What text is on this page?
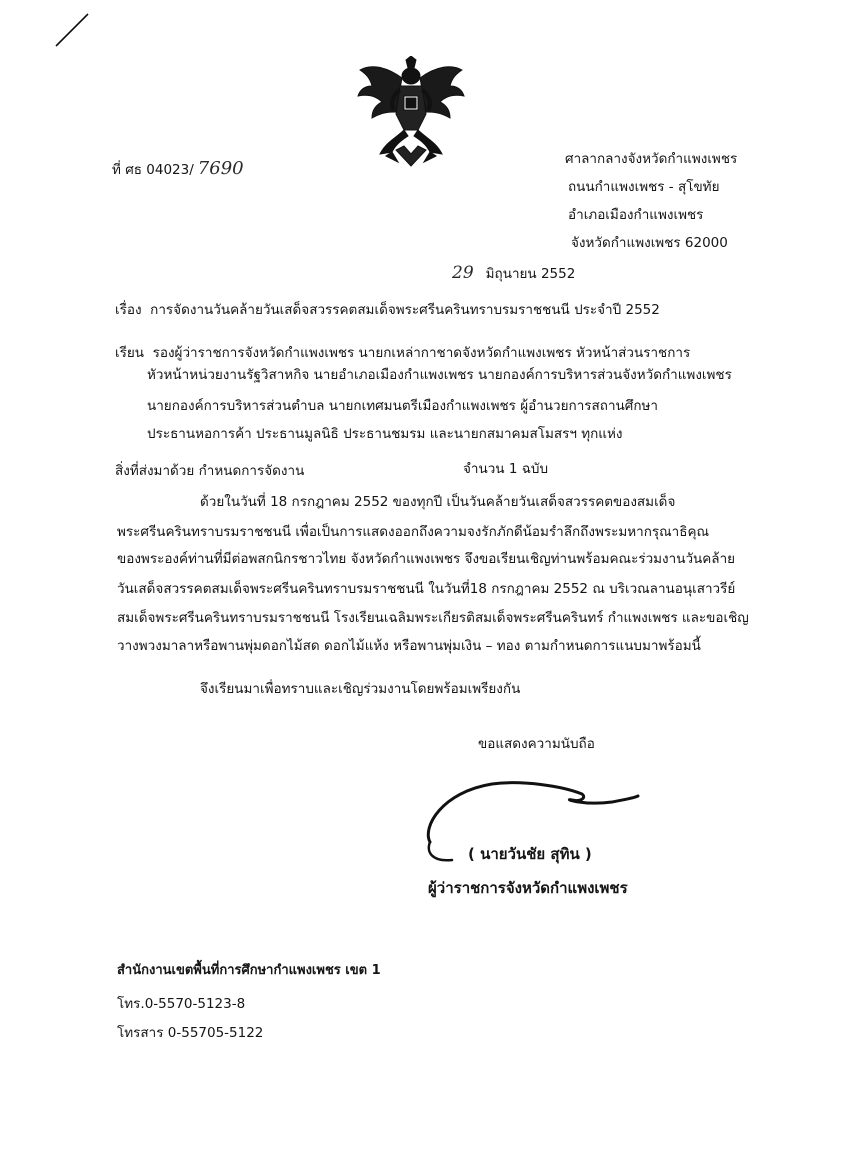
ที่ ศธ 04023/ 7690	ศาลากลางจังหวัดกำแพงเพชร
ถนนกำแพงเพชร - สุโขทัย
อำเภอเมืองกำแพงเพชร
จังหวัดกำแพงเพชร 62000
29 มิถุนายน 2552
เรื่อง การจัดงานวันคล้ายวันเสด็จสวรรคตสมเด็จพระศรีนครินทราบรมราชชนนี ประจำปี 2552
เรียน รองผู้ว่าราชการจังหวัดกำแพงเพชร นายกเหล่ากาชาดจังหวัดกำแพงเพชร หัวหน้าส่วนราชการ
หัวหน้าหน่วยงานรัฐวิสาหกิจ นายอำเภอเมืองกำแพงเพชร นายกองค์การบริหารส่วนจังหวัดกำแพงเพชร
นายกองค์การบริหารส่วนตำบล นายกเทศมนตรีเมืองกำแพงเพชร ผู้อำนวยการสถานศึกษา
ประธานหอการค้า ประธานมูลนิธิ ประธานชมรม และนายกสมาคมสโมสรฯ ทุกแห่ง
สิ่งที่ส่งมาด้วย กำหนดการจัดงาน	จำนวน 1 ฉบับ
ด้วยในวันที่ 18 กรกฎาคม 2552 ของทุกปี เป็นวันคล้ายวันเสด็จสวรรคตของสมเด็จ
พระศรีนครินทราบรมราชชนนี เพื่อเป็นการแสดงออกถึงความจงรักภักดีน้อมรำลึกถึงพระมหากรุณาธิคุณ
ของพระองค์ท่านที่มีต่อพสกนิกรชาวไทย จังหวัดกำแพงเพชร จึงขอเรียนเชิญท่านพร้อมคณะร่วมงานวันคล้าย
วันเสด็จสวรรคตสมเด็จพระศรีนครินทราบรมราชชนนี ในวันที่18 กรกฎาคม 2552 ณ บริเวณลานอนุเสาวรีย์
สมเด็จพระศรีนครินทราบรมราชชนนี โรงเรียนเฉลิมพระเกียรติสมเด็จพระศรีนครินทร์ กำแพงเพชร และขอเชิญ
วางพวงมาลาหรือพานพุ่มดอกไม้สด ดอกไม้แห้ง หรือพานพุ่มเงิน – ทอง ตามกำหนดการแนบมาพร้อมนี้
จึงเรียนมาเพื่อทราบและเชิญร่วมงานโดยพร้อมเพรียงกัน
ขอแสดงความนับถือ
( นายวันชัย สุทิน )
ผู้ว่าราชการจังหวัดกำแพงเพชร
สำนักงานเขตพื้นที่การศึกษากำแพงเพชร เขต 1
โทร.0-5570-5123-8
โทรสาร 0-55705-5122
